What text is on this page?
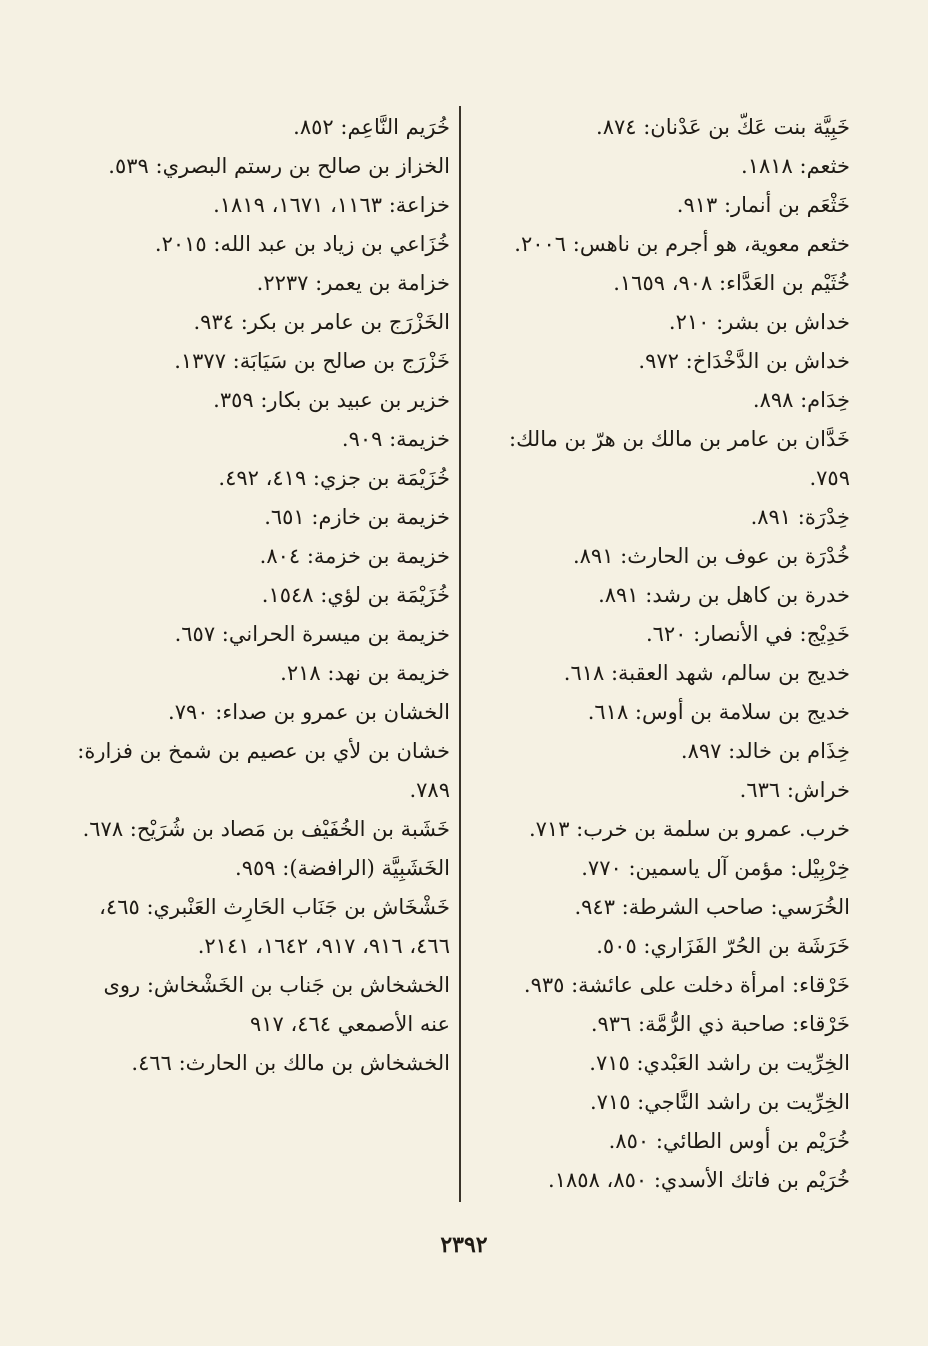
خَبِيَّة بنت عَكّ بن عَدْنان: ٨٧٤.

خثعم: ١٨١٨.

خَثْعَم بن أنمار: ٩١٣.

خثعم معوية، هو أجرم بن ناهس: ٢٠٠٦.

خُثَيْم بن العَدَّاء: ٩٠٨، ١٦٥٩.

خداش بن بشر: ٢١٠.

خداش بن الدَّخْدَاخ: ٩٧٢.

خِدَام: ٨٩٨.

خَدَّان بن عامر بن مالك بن هرّ بن مالك: ٧٥٩.

خِدْرَة: ٨٩١.

خُدْرَة بن عوف بن الحارث: ٨٩١.

خدرة بن كاهل بن رشد: ٨٩١.

خَدِيْج: في الأنصار: ٦٢٠.

خديج بن سالم، شهد العقبة: ٦١٨.

خديج بن سلامة بن أوس: ٦١٨.

خِذَام بن خالد: ٨٩٧.

خراش: ٦٣٦.

خرب. عمرو بن سلمة بن خرب: ٧١٣.

خِرْبِيْل: مؤمن آل ياسمين: ٧٧٠.

الخُرَسي: صاحب الشرطة: ٩٤٣.

خَرَشَة بن الحُرّ الفَزَاري: ٥٠٥.

خَرْقاء: امرأة دخلت على عائشة: ٩٣٥.

خَرْقاء: صاحبة ذي الرُّمَّة: ٩٣٦.

الخِرِّيت بن راشد العَبْدي: ٧١٥.

الخِرِّيت بن راشد النَّاجي: ٧١٥.

خُرَيْم بن أوس الطائي: ٨٥٠.

خُرَيْم بن فاتك الأسدي: ٨٥٠، ١٨٥٨.

خُرَيم النَّاعِم: ٨٥٢.

الخزاز بن صالح بن رستم البصري: ٥٣٩.

خزاعة: ١١٦٣، ١٦٧١، ١٨١٩.

خُزَاعي بن زياد بن عبد الله: ٢٠١٥.

خزامة بن يعمر: ٢٢٣٧.

الخَزْرَج بن عامر بن بكر: ٩٣٤.

خَزْرَج بن صالح بن سَيَابَة: ١٣٧٧.

خزير بن عبيد بن بكار: ٣٥٩.

خزيمة: ٩٠٩.

خُزَيْمَة بن جزي: ٤١٩، ٤٩٢.

خزيمة بن خازم: ٦٥١.

خزيمة بن خزمة: ٨٠٤.

خُزَيْمَة بن لؤي: ١٥٤٨.

خزيمة بن ميسرة الحراني: ٦٥٧.

خزيمة بن نهد: ٢١٨.

الخشان بن عمرو بن صداء: ٧٩٠.

خشان بن لأي بن عصيم بن شمخ بن فزارة: ٧٨٩.

خَشَبة بن الخُفَيْف بن مَصاد بن شُرَيْح: ٦٧٨.

الخَشَبِيَّة (الرافضة): ٩٥٩.

خَشْخَاش بن جَنَاب الحَارِث العَنْبري: ٤٦٥، ٤٦٦، ٩١٦، ٩١٧، ١٦٤٢، ٢١٤١.

الخشخاش بن جَناب بن الخَشْخاش: روى عنه الأصمعي ٤٦٤، ٩١٧

الخشخاش بن مالك بن الحارث: ٤٦٦.

٢٣٩٢
